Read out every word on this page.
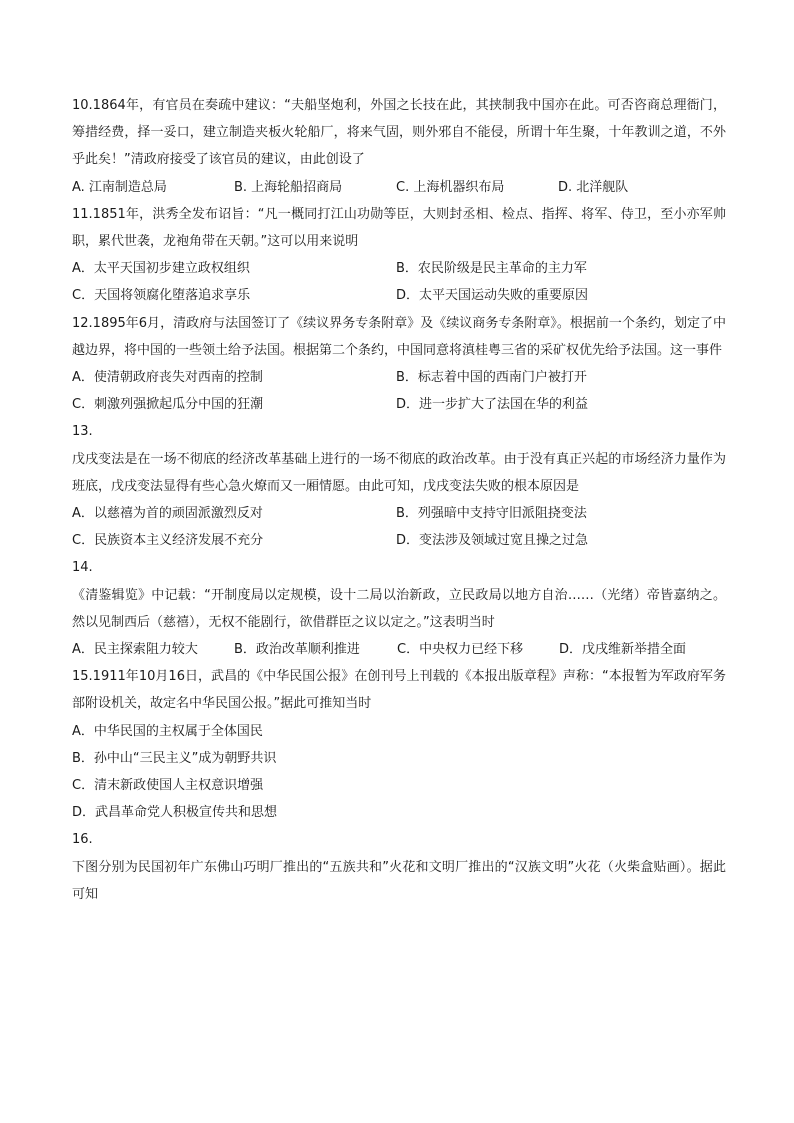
10.1864年，有官员在奏疏中建议：“夫船坚炮利，外国之长技在此，其挟制我中国亦在此。可否咨商总理衙门，筹措经费，择一妥口，建立制造夹板火轮船厂，将来气固，则外邪自不能侵，所谓十年生聚，十年教训之道，不外乎此矣！”清政府接受了该官员的建议，由此创设了

A. 江南制造总局	B. 上海轮船招商局	C. 上海机器织布局	D. 北洋舰队

11.1851年，洪秀全发布诏旨：“凡一概同打江山功勋等臣，大则封丞相、检点、指挥、将军、侍卫，至小亦军帅职，累代世袭，龙袍角带在天朝。”这可以用来说明

A．太平天国初步建立政权组织	B．农民阶级是民主革命的主力军
C．天国将领腐化堕落追求享乐	D．太平天国运动失败的重要原因

12.1895年6月，清政府与法国签订了《续议界务专条附章》及《续议商务专条附章》。根据前一个条约，划定了中越边界，将中国的一些领土给予法国。根据第二个条约，中国同意将滇桂粤三省的采矿权优先给予法国。这一事件

A．使清朝政府丧失对西南的控制	B．标志着中国的西南门户被打开
C．刺激列强掀起瓜分中国的狂潮	D．进一步扩大了法国在华的利益

13.

戊戌变法是在一场不彻底的经济改革基础上进行的一场不彻底的政治改革。由于没有真正兴起的市场经济力量作为班底，戊戌变法显得有些心急火燎而又一厢情愿。由此可知，戊戌变法失败的根本原因是

A．以慈禧为首的顽固派激烈反对	B．列强暗中支持守旧派阻挠变法
C．民族资本主义经济发展不充分	D．变法涉及领域过宽且操之过急

14.

《清鉴辑览》中记载：“开制度局以定规模，设十二局以治新政，立民政局以地方自治……（光绪）帝皆嘉纳之。然以见制西后（慈禧），无权不能剧行，欲借群臣之议以定之。”这表明当时

A．民主探索阻力较大	B．政治改革顺利推进	C．中央权力已经下移	D．戊戌维新举措全面

15.1911年10月16日，武昌的《中华民国公报》在创刊号上刊载的《本报出版章程》声称：“本报暂为军政府军务部附设机关，故定名中华民国公报。”据此可推知当时

A．中华民国的主权属于全体国民

B．孙中山“三民主义”成为朝野共识

C．清末新政使国人主权意识增强

D．武昌革命党人积极宣传共和思想

16.

下图分别为民国初年广东佛山巧明厂推出的“五族共和”火花和文明厂推出的“汉族文明”火花（火柴盒贴画）。据此可知
